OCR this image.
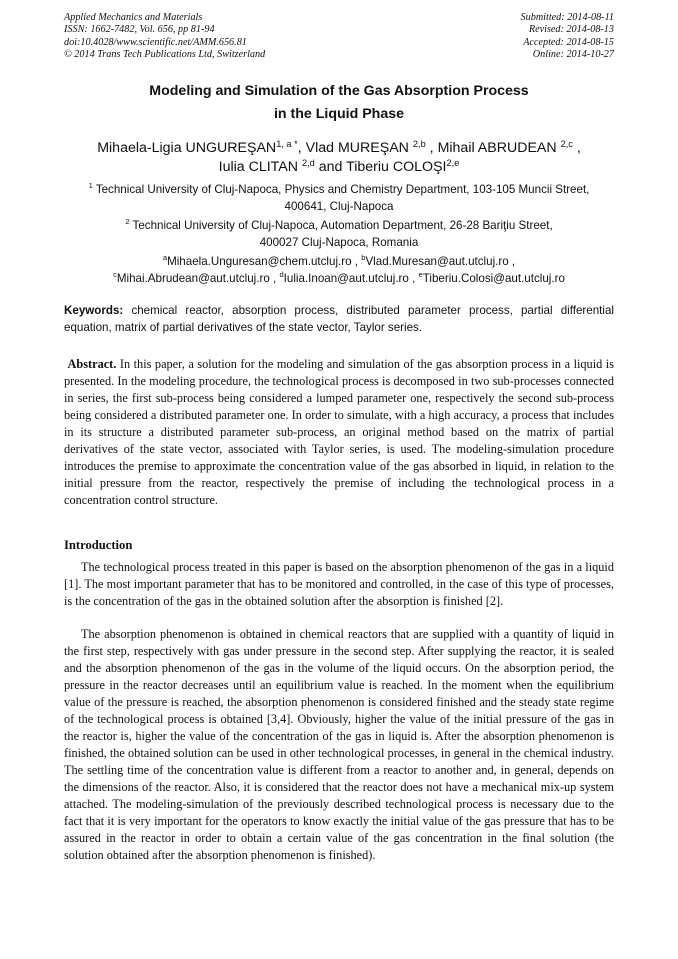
Applied Mechanics and Materials
ISSN: 1662-7482, Vol. 656, pp 81-94
doi:10.4028/www.scientific.net/AMM.656.81
© 2014 Trans Tech Publications Ltd, Switzerland
Submitted: 2014-08-11
Revised: 2014-08-13
Accepted: 2014-08-15
Online: 2014-10-27
Modeling and Simulation of the Gas Absorption Process
in the Liquid Phase
Mihaela-Ligia $UNGUREŞAN^{1, a *}$, Vlad MUREŞAN $^{2,b}$ , Mihail ABRUDEAN $^{2,c}$ ,
Iulia CLITAN $^{2,d}$ and Tiberiu COLOŞI$^{2,e}$
$^1$ Technical University of Cluj-Napoca, Physics and Chemistry Department, 103-105 Muncii Street,
400641, Cluj-Napoca
$^2$ Technical University of Cluj-Napoca, Automation Department, 26-28 Bariţiu Street,
400027 Cluj-Napoca, Romania
$^a$Mihaela.Unguresan@chem.utcluj.ro , $^b$Vlad.Muresan@aut.utcluj.ro ,
$^c$Mihai.Abrudean@aut.utcluj.ro , $^d$Iulia.Inoan@aut.utcluj.ro , $^e$Tiberiu.Colosi@aut.utcluj.ro
Keywords: chemical reactor, absorption process, distributed parameter process, partial differential equation, matrix of partial derivatives of the state vector, Taylor series.
Abstract. In this paper, a solution for the modeling and simulation of the gas absorption process in a liquid is presented. In the modeling procedure, the technological process is decomposed in two sub-processes connected in series, the first sub-process being considered a lumped parameter one, respectively the second sub-process being considered a distributed parameter one. In order to simulate, with a high accuracy, a process that includes in its structure a distributed parameter sub-process, an original method based on the matrix of partial derivatives of the state vector, associated with Taylor series, is used. The modeling-simulation procedure introduces the premise to approximate the concentration value of the gas absorbed in liquid, in relation to the initial pressure from the reactor, respectively the premise of including the technological process in a concentration control structure.
Introduction
The technological process treated in this paper is based on the absorption phenomenon of the gas in a liquid [1]. The most important parameter that has to be monitored and controlled, in the case of this type of processes, is the concentration of the gas in the obtained solution after the absorption is finished [2].
The absorption phenomenon is obtained in chemical reactors that are supplied with a quantity of liquid in the first step, respectively with gas under pressure in the second step. After supplying the reactor, it is sealed and the absorption phenomenon of the gas in the volume of the liquid occurs. On the absorption period, the pressure in the reactor decreases until an equilibrium value is reached. In the moment when the equilibrium value of the pressure is reached, the absorption phenomenon is considered finished and the steady state regime of the technological process is obtained [3,4]. Obviously, higher the value of the initial pressure of the gas in the reactor is, higher the value of the concentration of the gas in liquid is. After the absorption phenomenon is finished, the obtained solution can be used in other technological processes, in general in the chemical industry. The settling time of the concentration value is different from a reactor to another and, in general, depends on the dimensions of the reactor. Also, it is considered that the reactor does not have a mechanical mix-up system attached. The modeling-simulation of the previously described technological process is necessary due to the fact that it is very important for the operators to know exactly the initial value of the gas pressure that has to be assured in the reactor in order to obtain a certain value of the gas concentration in the final solution (the solution obtained after the absorption phenomenon is finished).
